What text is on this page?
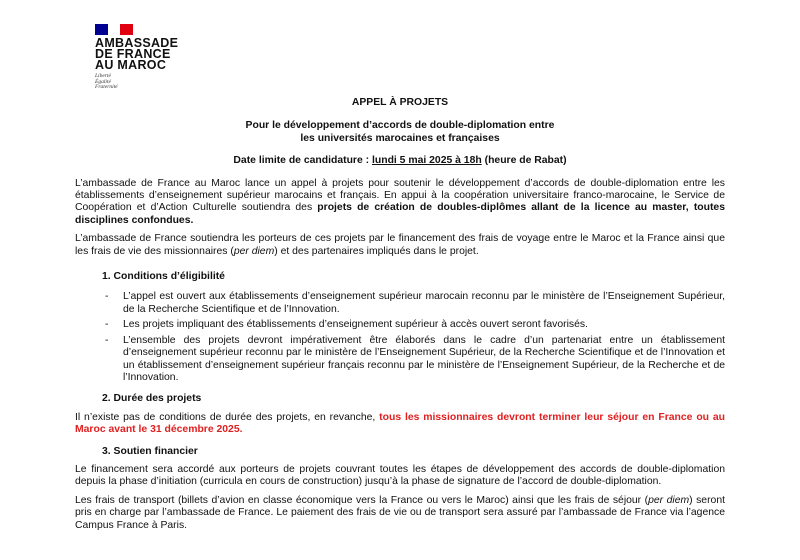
AMBASSADE
DE FRANCE
AU MAROC
Liberté
Égalité
Fraternité

APPEL À PROJETS

Pour le développement d’accords de double-diplomation entre
les universités marocaines et françaises

Date limite de candidature : lundi 5 mai 2025 à 18h (heure de Rabat)

L’ambassade de France au Maroc lance un appel à projets pour soutenir le développement d’accords de double-diplomation entre les établissements d’enseignement supérieur marocains et français. En appui à la coopération universitaire franco-marocaine, le Service de Coopération et d’Action Culturelle soutiendra des projets de création de doubles-diplômes allant de la licence au master, toutes disciplines confondues.

L’ambassade de France soutiendra les porteurs de ces projets par le financement des frais de voyage entre le Maroc et la France ainsi que les frais de vie des missionnaires (per diem) et des partenaires impliqués dans le projet.

1. Conditions d’éligibilité

- L’appel est ouvert aux établissements d’enseignement supérieur marocain reconnu par le ministère de l’Enseignement Supérieur, de la Recherche Scientifique et de l’Innovation.
- Les projets impliquant des établissements d’enseignement supérieur à accès ouvert seront favorisés.
- L’ensemble des projets devront impérativement être élaborés dans le cadre d’un partenariat entre un établissement d’enseignement supérieur reconnu par le ministère de l’Enseignement Supérieur, de la Recherche Scientifique et de l’Innovation et un établissement d’enseignement supérieur français reconnu par le ministère de l’Enseignement Supérieur, de la Recherche et de l’Innovation.

2. Durée des projets

Il n’existe pas de conditions de durée des projets, en revanche, tous les missionnaires devront terminer leur séjour en France ou au Maroc avant le 31 décembre 2025.

3. Soutien financier

Le financement sera accordé aux porteurs de projets couvrant toutes les étapes de développement des accords de double-diplomation depuis la phase d’initiation (curricula en cours de construction) jusqu’à la phase de signature de l’accord de double-diplomation.

Les frais de transport (billets d’avion en classe économique vers la France ou vers le Maroc) ainsi que les frais de séjour (per diem) seront pris en charge par l’ambassade de France. Le paiement des frais de vie ou de transport sera assuré par l’ambassade de France via l’agence Campus France à Paris.
